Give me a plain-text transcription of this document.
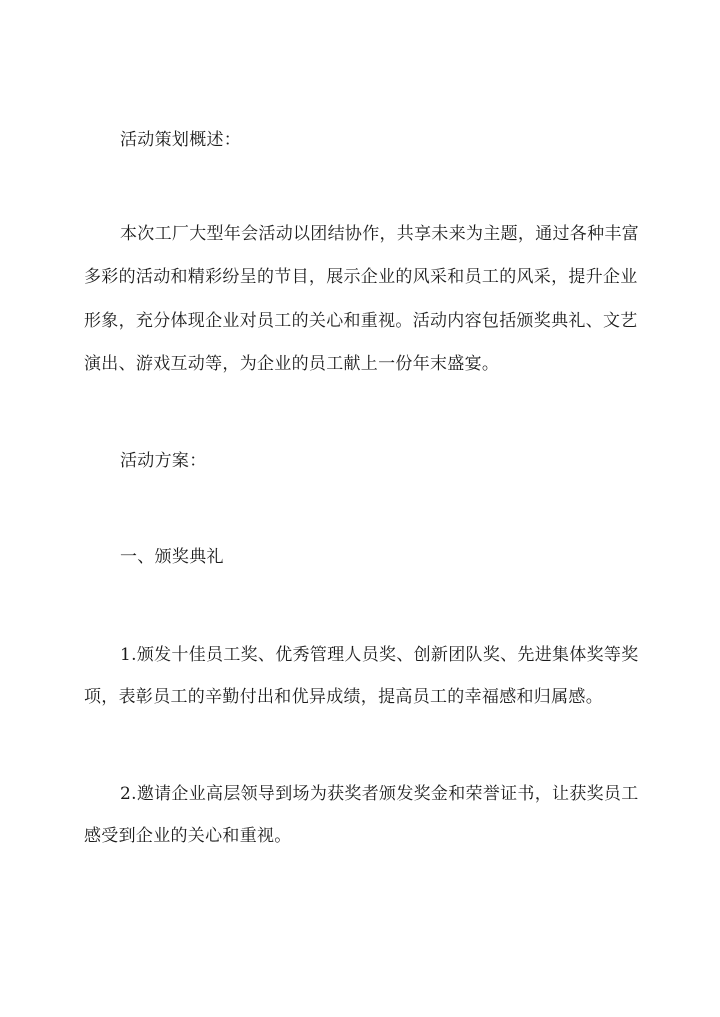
活动策划概述：
本次工厂大型年会活动以团结协作，共享未来为主题，通过各种丰富
多彩的活动和精彩纷呈的节目，展示企业的风采和员工的风采，提升企业
形象，充分体现企业对员工的关心和重视。活动内容包括颁奖典礼、文艺
演出、游戏互动等，为企业的员工献上一份年末盛宴。
活动方案：
一、颁奖典礼
1.颁发十佳员工奖、优秀管理人员奖、创新团队奖、先进集体奖等奖
项，表彰员工的辛勤付出和优异成绩，提高员工的幸福感和归属感。
2.邀请企业高层领导到场为获奖者颁发奖金和荣誉证书，让获奖员工
感受到企业的关心和重视。
